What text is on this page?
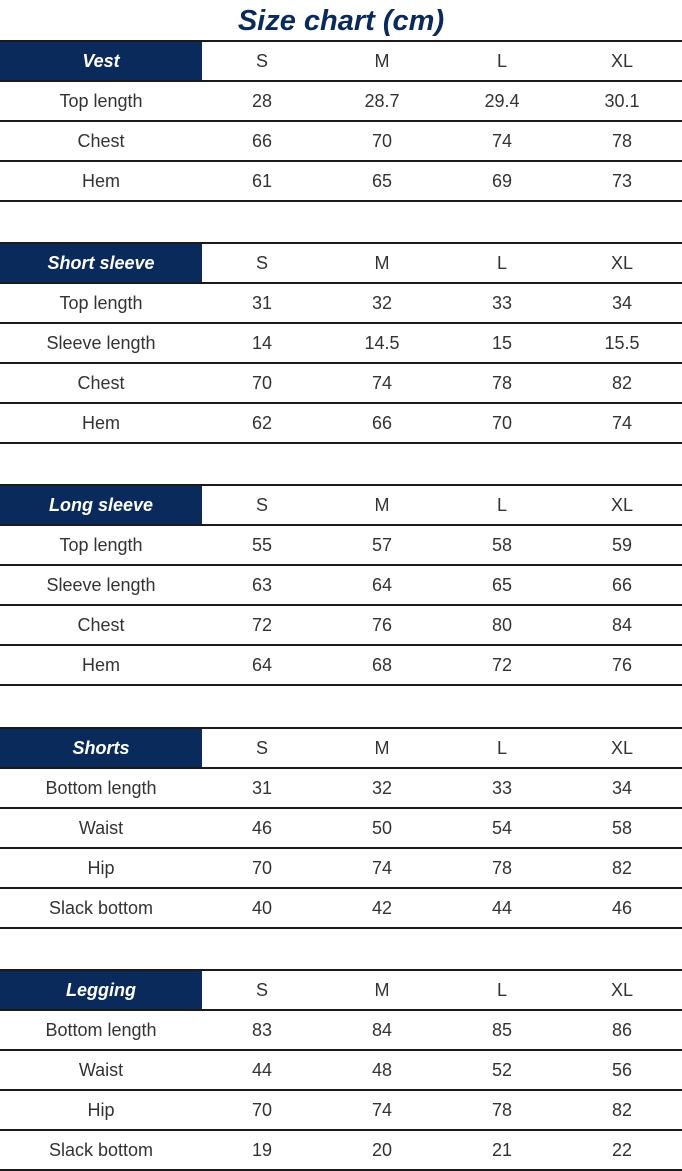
Size chart (cm)
Vest	S	M	L	XL
Top length	28	28.7	29.4	30.1
Chest	66	70	74	78
Hem	61	65	69	73
Short sleeve	S	M	L	XL
Top length	31	32	33	34
Sleeve length	14	14.5	15	15.5
Chest	70	74	78	82
Hem	62	66	70	74
Long sleeve	S	M	L	XL
Top length	55	57	58	59
Sleeve length	63	64	65	66
Chest	72	76	80	84
Hem	64	68	72	76
Shorts	S	M	L	XL
Bottom length	31	32	33	34
Waist	46	50	54	58
Hip	70	74	78	82
Slack bottom	40	42	44	46
Legging	S	M	L	XL
Bottom length	83	84	85	86
Waist	44	48	52	56
Hip	70	74	78	82
Slack bottom	19	20	21	22
